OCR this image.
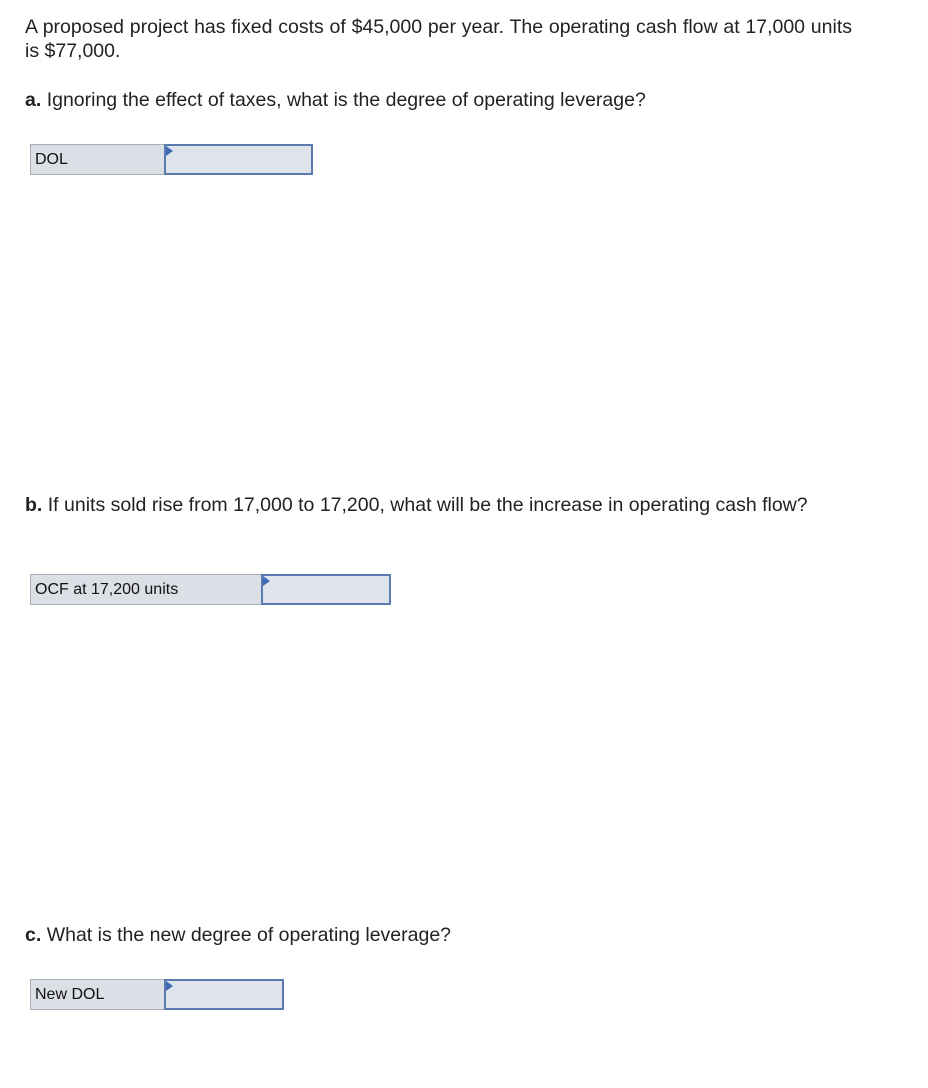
A proposed project has fixed costs of $45,000 per year. The operating cash flow at 17,000 units is $77,000.

a. Ignoring the effect of taxes, what is the degree of operating leverage?

DOL

b. If units sold rise from 17,000 to 17,200, what will be the increase in operating cash flow?

OCF at 17,200 units

c. What is the new degree of operating leverage?

New DOL
